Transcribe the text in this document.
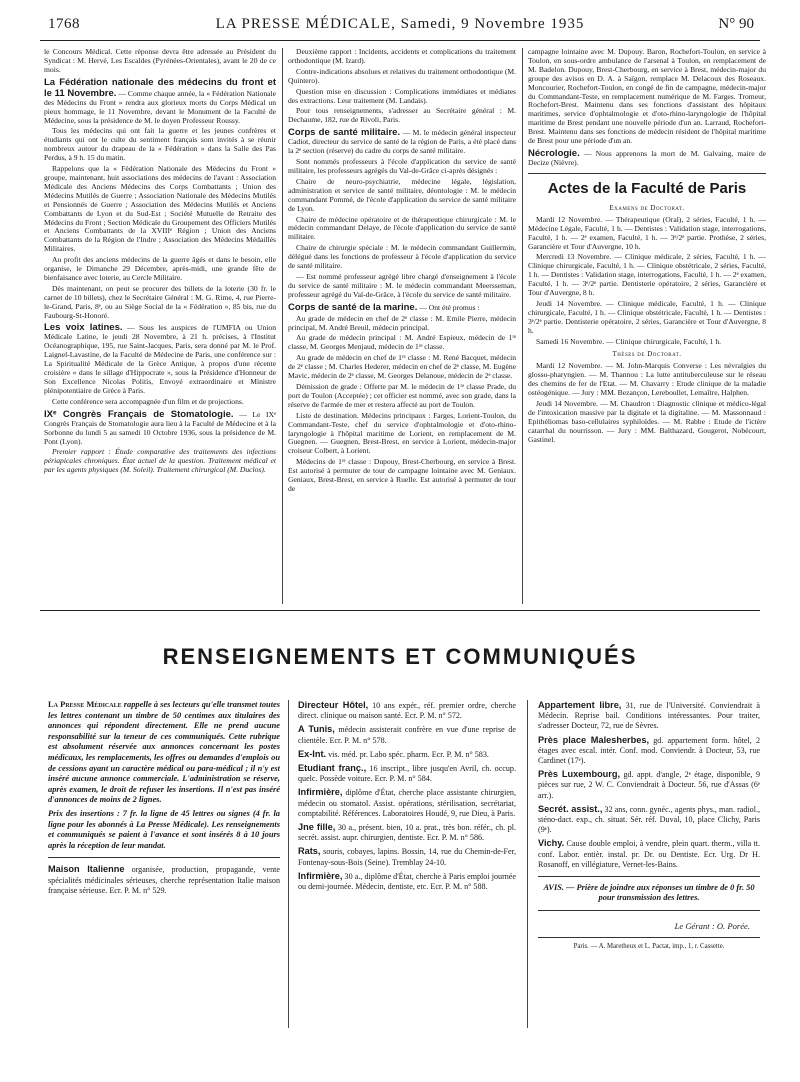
1768	LA PRESSE MÉDICALE, Samedi, 9 Novembre 1935	N° 90

le Concours Médical. Cette réponse devra être adressée au Président du Syndicat : M. Hervé, Les Escaldes (Pyrénées-Orientales), avant le 20 de ce mois.

La Fédération nationale des médecins du front et le 11 Novembre. — Comme chaque année, la « Fédération Nationale des Médecins du Front » rendra aux glorieux morts du Corps Médical un pieux hommage, le 11 Novembre, devant le Monument de la Faculté de Médecine, sous la présidence de M. le doyen Professeur Roussy.

Tous les médecins qui ont fait la guerre et les jeunes confrères et étudiants qui ont le culte du sentiment français sont invités à se réunir nombreux autour du drapeau de la « Fédération » dans la Salle des Pas Perdus, à 9 h. 15 du matin.

Rappelons que la « Fédération Nationale des Médecins du Front » groupe, maintenant, huit associations des médecins de l'avant : Association Médicale des Anciens Médecins des Corps Combattants ; Union des Médecins Mutilés de Guerre ; Association Nationale des Médecins Mutilés et Pensionnés de Guerre ; Association des Médecins Mutilés et Anciens Combattants de Lyon et du Sud-Est ; Société Mutuelle de Retraite des Médecins du Front ; Section Médicale du Groupement des Officiers Mutilés et Anciens Combattants de la XVIIIᵉ Région ; Union des Anciens Combattants de la Région de l'Indre ; Association des Médecins Médaillés Militaires.

Au profit des anciens médecins de la guerre âgés et dans le besoin, elle organise, le Dimanche 29 Décembre, après-midi, une grande fête de bienfaisance avec loterie, au Cercle Militaire.

Dès maintenant, on peut se procurer des billets de la loterie (30 fr. le carnet de 10 billets), chez le Secrétaire Général : M. G. Rime, 4, rue Pierre-le-Grand, Paris, 8ᵉ, ou au Siège Social de la « Fédération », 85 bis, rue du Faubourg-St-Honoré.

Les voix latines. — Sous les auspices de l'UMFIA ou Union Médicale Latine, le jeudi 28 Novembre, à 21 h. précises, à l'Institut Océanographique, 195, rue Saint-Jacques, Paris, sera donné par M. le Prof. Laignel-Lavastine, de la Faculté de Médecine de Paris, une conférence sur : La Spiritualité Médicale de la Grèce Antique, à propos d'une récente croisière « dans le sillage d'Hippocrate », sous la Présidence d'Honneur de Son Excellence Nicolas Politis, Envoyé extraordinaire et Ministre plénipotentiaire de Grèce à Paris.

Cette conférence sera accompagnée d'un film et de projections.

IXᵉ Congrès Français de Stomatologie. — Le IXᵉ Congrès Français de Stomatologie aura lieu à la Faculté de Médecine et à la Sorbonne du lundi 5 au samedi 10 Octobre 1936, sous la présidence de M. Pont (Lyon).

Premier rapport : Étude comparative des traitements des infections périapicales chroniques. État actuel de la question. Traitement médical et par les agents physiques (M. Soleil). Traitement chirurgical (M. Duclos).

Deuxième rapport : Incidents, accidents et complications du traitement orthodontique (M. Izard).

Contre-indications absolues et relatives du traitement orthodontique (M. Quintero).

Question mise en discussion : Complications immédiates et médiates des extractions. Leur traitement (M. Landais).

Pour tous renseignements, s'adresser au Secrétaire général : M. Dechaume, 182, rue de Rivoli, Paris.

Corps de santé militaire. — M. le médecin général inspecteur Cadiot, directeur du service de santé de la région de Paris, a été placé dans la 2ᵉ section (réserve) du cadre du corps de santé militaire.

Sont nommés professeurs à l'école d'application du service de santé militaire, les professeurs agrégés du Val-de-Grâce ci-après désignés :

Chaire de neuro-psychiatrie, médecine légale, législation, administration et service de santé militaire, déontologie : M. le médecin commandant Pommé, de l'école d'application du service de santé militaire de Lyon.

Chaire de médecine opératoire et de thérapeutique chirurgicale : M. le médecin commandant Delaye, de l'école d'application du service de santé militaire.

Chaire de chirurgie spéciale : M. le médecin commandant Guillermin, délégué dans les fonctions de professeur à l'école d'application du service de santé militaire.

— Est nommé professeur agrégé libre chargé d'enseignement à l'école du service de santé militaire : M. le médecin commandant Meersseman, professeur agrégé du Val-de-Grâce, à l'école du service de santé militaire.

Corps de santé de la marine. — Ont été promus :

Au grade de médecin en chef de 2ᵉ classe : M. Emile Pierre, médecin principal, M. André Breuil, médecin principal.

Au grade de médecin principal : M. André Espieux, médecin de 1ʳᵉ classe, M. Georges Menjaud, médecin de 1ʳᵉ classe.

Au grade de médecin en chef de 1ʳᵉ classe : M. René Bacquet, médecin de 2ᵉ classe ; M. Charles Hederer, médecin en chef de 2ᵉ classe, M. Eugène Mavic, médecin de 2ᵉ classe, M. Georges Delanoue, médecin de 2ᵉ classe.

Démission de grade : Offerte par M. le médecin de 1ʳᵉ classe Prade, du port de Toulon (Acceptée) ; cet officier est nommé, avec son grade, dans la réserve de l'armée de mer et restera affecté au port de Toulon.

Liste de destination. Médecins principaux : Farges, Lorient-Toulon, du Commandant-Teste, chef du service d'ophtalmologie et d'oto-rhino-laryngologie à l'hôpital maritime de Lorient, en remplacement de M. Guegnen. — Guegnen, Brest-Brest, en service à Lorient, médecin-major croiseur Colbert, à Lorient.

Médecins de 1ʳᵉ classe : Dupouy, Brest-Cherbourg, en service à Brest. Est autorisé à permuter de tour de campagne lointaine avec M. Geniaux. Geniaux, Brest-Brest, en service à Ruelle. Est autorisé à permuter de tour de

campagne lointaine avec M. Dupouy. Baron, Rochefort-Toulon, en service à Toulon, en sous-ordre ambulance de l'arsenal à Toulon, en remplacement de M. Badelon. Dupouy, Brest-Cherbourg, en service à Brest, médecin-major du groupe des avisos en D. A. à Saïgon, remplace M. Delacoux des Roseaux. Moncourier, Rochefort-Toulon, en congé de fin de campagne, médecin-major du Commandant-Teste, en remplacement numérique de M. Farges. Tromeur, Rochefort-Brest. Maintenu dans ses fonctions d'assistant des hôpitaux maritimes, service d'ophtalmologie et d'oto-rhino-laryngologie de l'hôpital maritime de Brest pendant une nouvelle période d'un an. Larraud, Rochefort-Brest. Maintenu dans ses fonctions de médecin résident de l'hôpital maritime de Brest pour une période d'un an.

Nécrologie. — Nous apprenons la mort de M. Galvaing, maire de Decize (Nièvre).

Actes de la Faculté de Paris
Examens de Doctorat.

Mardi 12 Novembre. — Thérapeutique (Oral), 2 séries, Faculté, 1 h. — Médecine Légale, Faculté, 1 h. — Dentistes : Validation stage, interrogations, Faculté, 1 h. — 2ᵉ examen, Faculté, 1 h. — 3ᵉ/2ᵉ partie. Prothèse, 2 séries, Garancière et Tour d'Auvergne, 10 h.

Mercredi 13 Novembre. — Clinique médicale, 2 séries, Faculté, 1 h. — Clinique chirurgicale, Faculté, 1 h. — Clinique obstétricale, 2 séries, Faculté, 1 h. — Dentistes : Validation stage, interrogations, Faculté, 1 h. — 2ᵉ examen, Faculté, 1 h. — 3ᵉ/2ᵉ partie. Dentisterie opératoire, 2 séries, Garancière et Tour d'Auvergne, 8 h.

Jeudi 14 Novembre. — Clinique médicale, Faculté, 1 h. — Clinique chirurgicale, Faculté, 1 h. — Clinique obstétricale, Faculté, 1 h. — Dentistes : 3ᵉ/2ᵉ partie. Dentisterie opératoire, 2 séries, Garancière et Tour d'Auvergne, 8 h.

Samedi 16 Novembre. — Clinique chirurgicale, Faculté, 1 h.

Thèses de Doctorat.

Mardi 12 Novembre. — M. John-Marquis Converse : Les névralgies du glosso-pharyngien. — M. Thannou : La lutte antituberculeuse sur le réseau des chemins de fer de l'Etat. — M. Chavarry : Etude clinique de la maladie ostéogénique. — Jury : MM. Bezançon, Lereboullet, Lemaître, Halphen.

Jeudi 14 Novembre. — M. Chaudron : Diagnostic clinique et médico-légal de l'intoxication massive par la digitale et la digitaline. — M. Massonnaud : Epithéliomas baso-cellulaires syphiloïdes. — M. Rabbe : Etude de l'ictère catarrhal du nourrisson. — Jury : MM. Balthazard, Gougerot, Nobécourt, Gastinel.

RENSEIGNEMENTS ET COMMUNIQUÉS

La Presse Médicale rappelle à ses lecteurs qu'elle transmet toutes les lettres contenant un timbre de 50 centimes aux titulaires des annonces qui répondent directement. Elle ne prend aucune responsabilité sur la teneur de ces communiqués. Cette rubrique est absolument réservée aux annonces concernant les postes médicaux, les remplacements, les offres ou demandes d'emplois ou de cessions ayant un caractère médical ou para-médical ; il n'y est inséré aucune annonce commerciale. L'administration se réserve, après examen, le droit de refuser les insertions. Il n'est pas inséré d'annonces de moins de 2 lignes.

Prix des insertions : 7 fr. la ligne de 45 lettres ou signes (4 fr. la ligne pour les abonnés à La Presse Médicale). Les renseignements et communiqués se paient à l'avance et sont insérés 8 à 10 jours après la réception de leur mandat.

Maison Italienne organisée, production, propagande, vente spécialités médicinales sérieuses, cherche représentation Italie maison française sérieuse. Ecr. P. M. n° 529.

Directeur Hôtel, 10 ans expér., réf. premier ordre, cherche direct. clinique ou maison santé. Ecr. P. M. n° 572.

A Tunis, médecin assisterait confrère en vue d'une reprise de clientèle. Ecr. P. M. n° 578.

Ex-Int. vis. méd. pr. Labo spéc. pharm. Ecr. P. M. n° 583.

Etudiant franç., 16 inscript., libre jusqu'en Avril, ch. occup. quelc. Possède voiture. Ecr. P. M. n° 584.

Infirmière, diplôme d'État, cherche place assistante chirurgien, médecin ou stomatol. Assist. opérations, stérilisation, secrétariat, comptabilité. Références. Laboratoires Houdé, 9, rue Dieu, à Paris.

Jne fille, 30 a., présent. bien, 10 a. prat., très bon. référ., ch. pl. secrét. assist. aupr. chirurgien, dentiste. Ecr. P. M. n° 586.

Rats, souris, cobayes, lapins. Bossin, 14, rue du Chemin-de-Fer, Fontenay-sous-Bois (Seine). Tremblay 24-10.

Infirmière, 30 a., diplôme d'État, cherche à Paris emploi journée ou demi-journée. Médecin, dentiste, etc. Ecr. P. M. n° 588.

Appartement libre, 31, rue de l'Université. Conviendrait à Médecin. Reprise bail. Conditions intéressantes. Pour traiter, s'adresser Docteur, 72, rue de Sèvres.

Près place Malesherbes, gd. appartement form. hôtel, 2 étages avec escal. intér. Conf. mod. Conviendr. à Docteur, 53, rue Cardinet (17ᵉ).

Près Luxembourg, gd. appt. d'angle, 2ᵉ étage, disponible, 9 pièces sur rue, 2 W. C. Conviendrait à Docteur. 56, rue d'Assas (6ᵉ arr.).

Secrét. assist., 32 ans, conn. gynéc., agents phys., man. radiol., sténo-dact. exp., ch. situat. Sér. réf. Duval, 10, place Clichy, Paris (9ᵉ).

Vichy. Cause double emploi, à vendre, plein quart. therm., villa tt. conf. Labor. entièr. instal. pr. Dr. ou Dentiste. Ecr. Urg. Dr H. Rosanoff, en villégiature, Vernet-les-Bains.

AVIS. — Prière de joindre aux réponses un timbre de 0 fr. 50 pour transmission des lettres.
Le Gérant : O. Porée.
Paris. — A. Maretheux et L. Pactat, imp., 1, r. Cassette.
